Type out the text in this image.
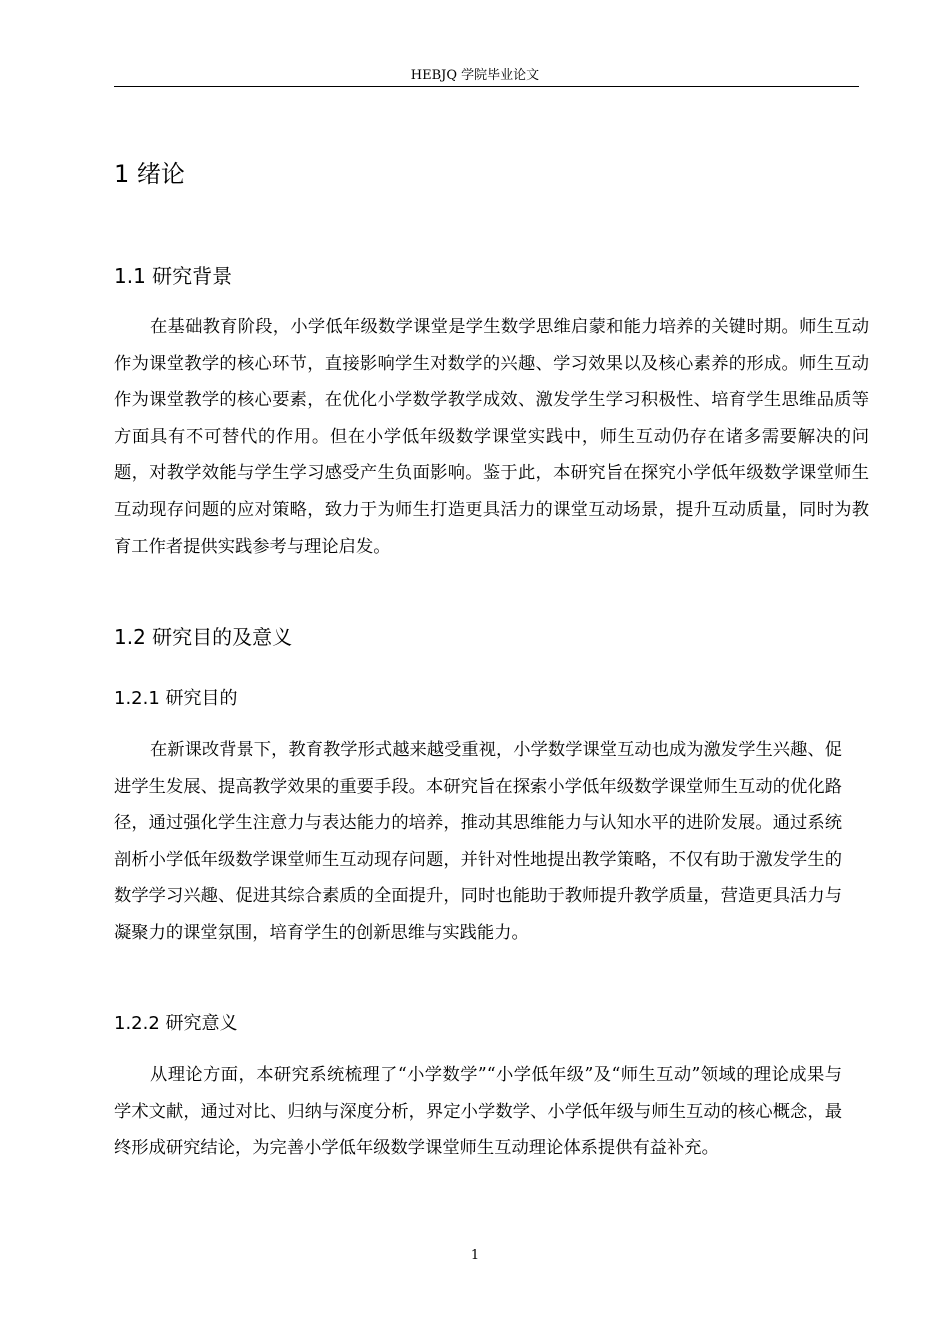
HEBJQ 学院毕业论文
1 绪论
1.1 研究背景

在基础教育阶段，小学低年级数学课堂是学生数学思维启蒙和能力培养的关键时期。师生互动作为课堂教学的核心环节，直接影响学生对数学的兴趣、学习效果以及核心素养的形成。师生互动作为课堂教学的核心要素，在优化小学数学教学成效、激发学生学习积极性、培育学生思维品质等方面具有不可替代的作用。但在小学低年级数学课堂实践中，师生互动仍存在诸多需要解决的问题，对教学效能与学生学习感受产生负面影响。鉴于此，本研究旨在探究小学低年级数学课堂师生互动现存问题的应对策略，致力于为师生打造更具活力的课堂互动场景，提升互动质量，同时为教育工作者提供实践参考与理论启发。

1.2 研究目的及意义
1.2.1 研究目的

在新课改背景下，教育教学形式越来越受重视，小学数学课堂互动也成为激发学生兴趣、促进学生发展、提高教学效果的重要手段。本研究旨在探索小学低年级数学课堂师生互动的优化路径，通过强化学生注意力与表达能力的培养，推动其思维能力与认知水平的进阶发展。通过系统剖析小学低年级数学课堂师生互动现存问题，并针对性地提出教学策略，不仅有助于激发学生的数学学习兴趣、促进其综合素质的全面提升，同时也能助于教师提升教学质量，营造更具活力与凝聚力的课堂氛围，培育学生的创新思维与实践能力。

1.2.2 研究意义

从理论方面，本研究系统梳理了“小学数学”“小学低年级”及“师生互动”领域的理论成果与学术文献，通过对比、归纳与深度分析，界定小学数学、小学低年级与师生互动的核心概念，最终形成研究结论，为完善小学低年级数学课堂师生互动理论体系提供有益补充。

1
